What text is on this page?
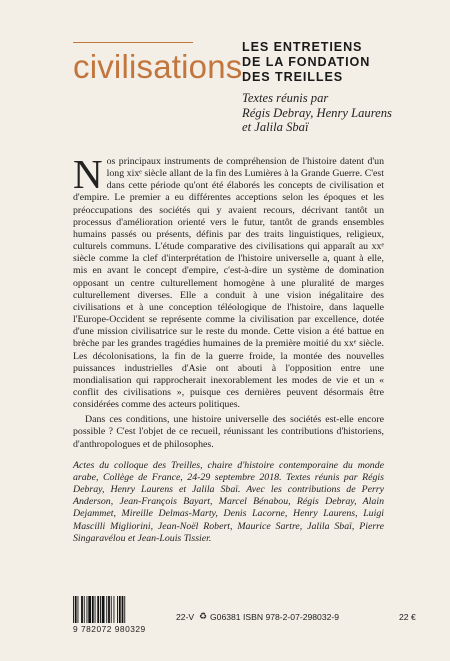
civilisations
LES ENTRETIENS
DE LA FONDATION
DES TREILLES
Textes réunis par
Régis Debray, Henry Laurens
et Jalila Sbaï
Nos principaux instruments de compréhension de l'histoire datent d'un long xixᵉ siècle allant de la fin des Lumières à la Grande Guerre. C'est dans cette période qu'ont été élaborés les concepts de civilisation et d'empire. Le premier a eu différentes acceptions selon les époques et les préoccupations des sociétés qui y avaient recours, décrivant tantôt un processus d'amélioration orienté vers le futur, tantôt de grands ensembles humains passés ou présents, définis par des traits linguistiques, religieux, culturels communs. L'étude comparative des civilisations qui apparaît au xxᵉ siècle comme la clef d'interprétation de l'histoire universelle a, quant à elle, mis en avant le concept d'empire, c'est-à-dire un système de domination opposant un centre culturellement homogène à une pluralité de marges culturellement diverses. Elle a conduit à une vision inégalitaire des civilisations et à une conception téléologique de l'histoire, dans laquelle l'Europe-Occident se représente comme la civilisation par excellence, dotée d'une mission civilisatrice sur le reste du monde. Cette vision a été battue en brèche par les grandes tragédies humaines de la première moitié du xxᵉ siècle. Les décolonisations, la fin de la guerre froide, la montée des nouvelles puissances industrielles d'Asie ont abouti à l'opposition entre une mondialisation qui rapprocherait inexorablement les modes de vie et un « conflit des civilisations », puisque ces dernières peuvent désormais être considérées comme des acteurs politiques.
Dans ces conditions, une histoire universelle des sociétés est-elle encore possible ? C'est l'objet de ce recueil, réunissant les contributions d'historiens, d'anthropologues et de philosophes.
Actes du colloque des Treilles, chaire d'histoire contemporaine du monde arabe, Collège de France, 24-29 septembre 2018. Textes réunis par Régis Debray, Henry Laurens et Jalila Sbaï. Avec les contributions de Perry Anderson, Jean-François Bayart, Marcel Bénabou, Régis Debray, Alain Dejammet, Mireille Delmas-Marty, Denis Lacorne, Henry Laurens, Luigi Mascilli Migliorini, Jean-Noël Robert, Maurice Sartre, Jalila Sbaï, Pierre Singaravélou et Jean-Louis Tissier.
9 782072 980329
♻
22-V G06381 ISBN 978-2-07-298032-9	22 €
